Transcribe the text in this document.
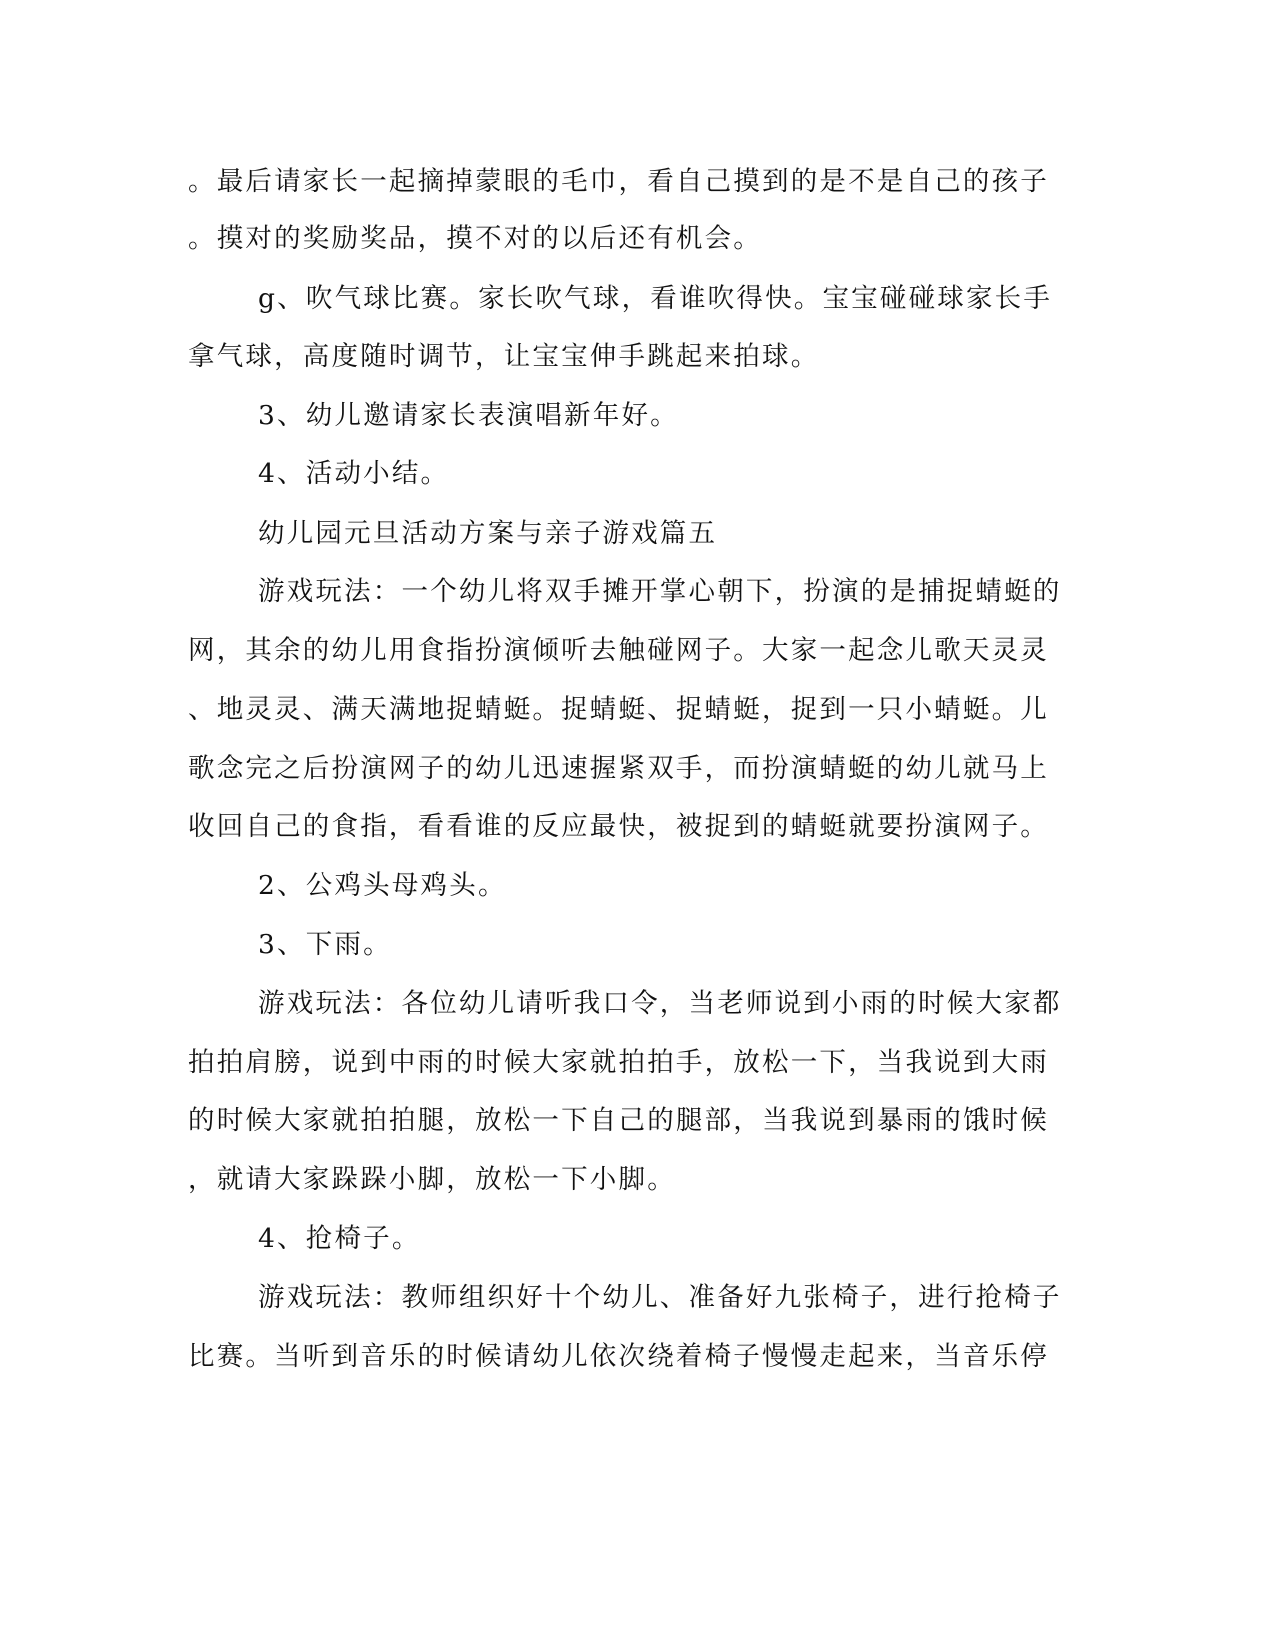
。最后请家长一起摘掉蒙眼的毛巾，看自己摸到的是不是自己的孩子

。摸对的奖励奖品，摸不对的以后还有机会。

g、吹气球比赛。家长吹气球，看谁吹得快。宝宝碰碰球家长手

拿气球，高度随时调节，让宝宝伸手跳起来拍球。

3、幼儿邀请家长表演唱新年好。

4、活动小结。

幼儿园元旦活动方案与亲子游戏篇五

游戏玩法：一个幼儿将双手摊开掌心朝下，扮演的是捕捉蜻蜓的

网，其余的幼儿用食指扮演倾听去触碰网子。大家一起念儿歌天灵灵

、地灵灵、满天满地捉蜻蜓。捉蜻蜓、捉蜻蜓，捉到一只小蜻蜓。儿

歌念完之后扮演网子的幼儿迅速握紧双手，而扮演蜻蜓的幼儿就马上

收回自己的食指，看看谁的反应最快，被捉到的蜻蜓就要扮演网子。

2、公鸡头母鸡头。

3、下雨。

游戏玩法：各位幼儿请听我口令，当老师说到小雨的时候大家都

拍拍肩膀，说到中雨的时候大家就拍拍手，放松一下，当我说到大雨

的时候大家就拍拍腿，放松一下自己的腿部，当我说到暴雨的饿时候

，就请大家跺跺小脚，放松一下小脚。

4、抢椅子。

游戏玩法：教师组织好十个幼儿、准备好九张椅子，进行抢椅子

比赛。当听到音乐的时候请幼儿依次绕着椅子慢慢走起来，当音乐停
